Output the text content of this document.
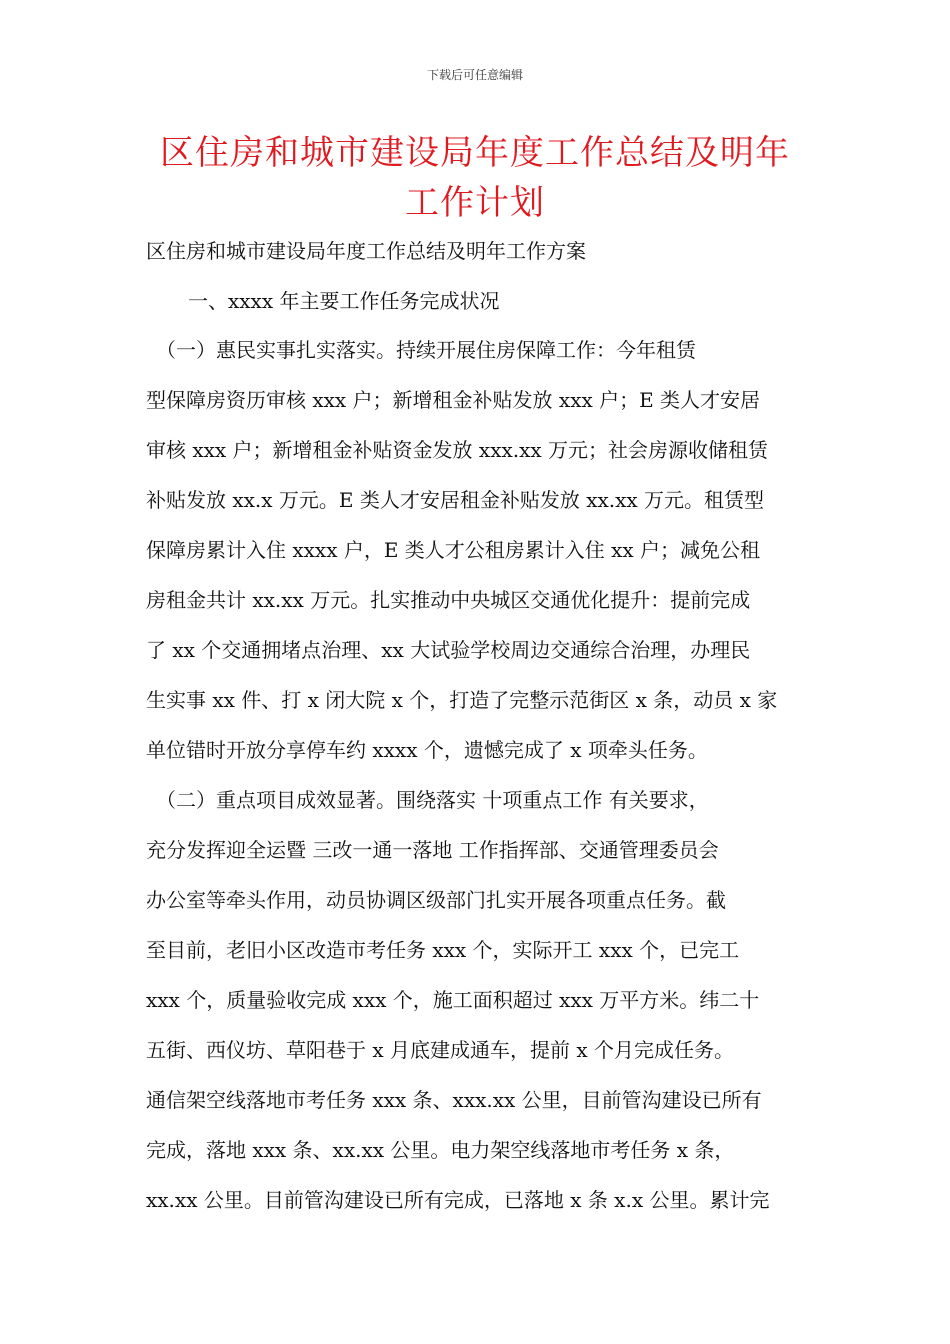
下载后可任意编辑
区住房和城市建设局年度工作总结及明年
工作计划
区住房和城市建设局年度工作总结及明年工作方案
一、xxxx 年主要工作任务完成状况
　（一）惠民实事扎实落实。持续开展住房保障工作：今年租赁
型保障房资历审核 xxx 户；新增租金补贴发放 xxx 户；E 类人才安居
审核 xxx 户；新增租金补贴资金发放 xxx.xx 万元；社会房源收储租赁
补贴发放 xx.x 万元。E 类人才安居租金补贴发放 xx.xx 万元。租赁型
保障房累计入住 xxxx 户，E 类人才公租房累计入住 xx 户；减免公租
房租金共计 xx.xx 万元。扎实推动中央城区交通优化提升：提前完成
了 xx 个交通拥堵点治理、xx 大试验学校周边交通综合治理，办理民
生实事 xx 件、打 x 闭大院 x 个，打造了完整示范街区 x 条，动员 x 家
单位错时开放分享停车约 xxxx 个，遗憾完成了 x 项牵头任务。
　（二）重点项目成效显著。围绕落实 十项重点工作 有关要求，
充分发挥迎全运暨 三改一通一落地 工作指挥部、交通管理委员会
办公室等牵头作用，动员协调区级部门扎实开展各项重点任务。截
至目前，老旧小区改造市考任务 xxx 个，实际开工 xxx 个，已完工
xxx 个，质量验收完成 xxx 个，施工面积超过 xxx 万平方米。纬二十
五街、西仪坊、草阳巷于 x 月底建成通车，提前 x 个月完成任务。
通信架空线落地市考任务 xxx 条、xxx.xx 公里，目前管沟建设已所有
完成，落地 xxx 条、xx.xx 公里。电力架空线落地市考任务 x 条，
xx.xx 公里。目前管沟建设已所有完成，已落地 x 条 x.x 公里。累计完
